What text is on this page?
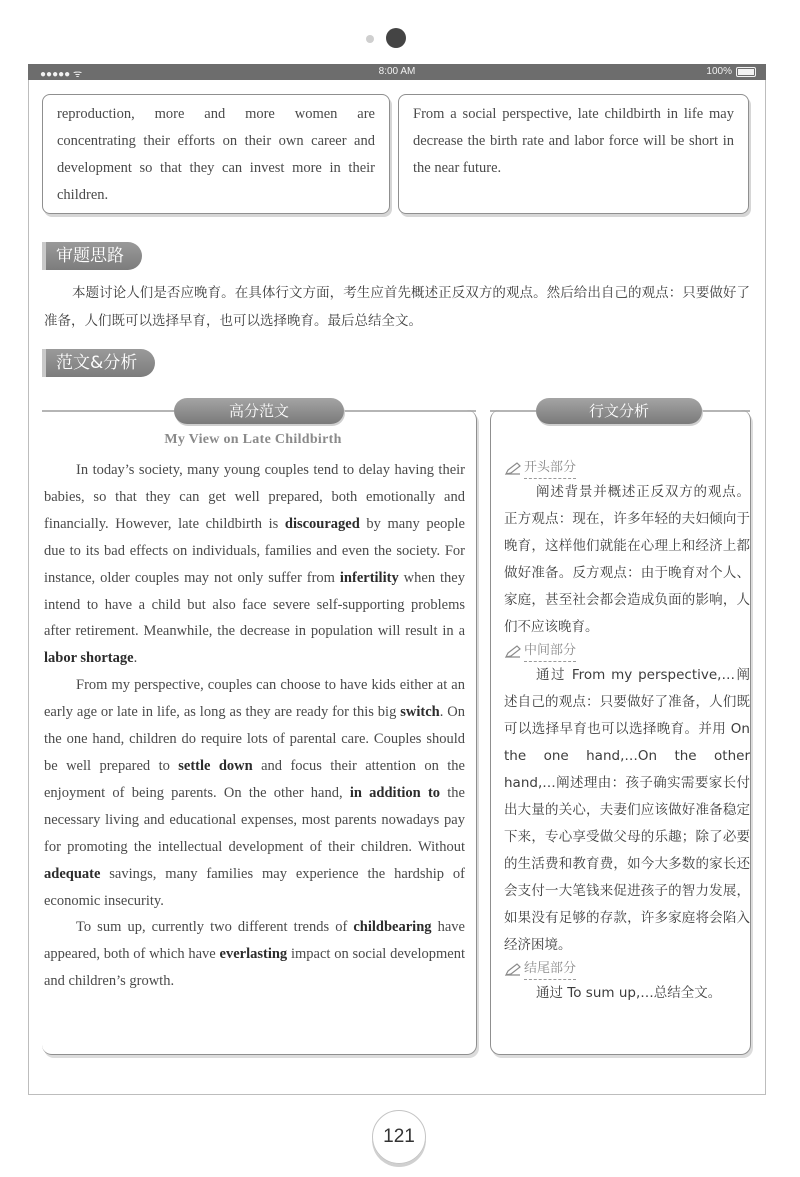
●●●●● ᯤ	8:00 AM	100%
reproduction, more and more women are concentrating their efforts on their own career and development so that they can invest more in their children.
From a social perspective, late childbirth in life may decrease the birth rate and labor force will be short in the near future.
审题思路
本题讨论人们是否应晚育。在具体行文方面，考生应首先概述正反双方的观点。然后给出自己的观点：只要做好了准备，人们既可以选择早育，也可以选择晚育。最后总结全文。
范文&分析
高分范文	行文分析
My View on Late Childbirth

In today’s society, many young couples tend to delay having their babies, so that they can get well prepared, both emotionally and financially. However, late childbirth is discouraged by many people due to its bad effects on individuals, families and even the society. For instance, older couples may not only suffer from infertility when they intend to have a child but also face severe self-supporting problems after retirement. Meanwhile, the decrease in population will result in a labor shortage.

From my perspective, couples can choose to have kids either at an early age or late in life, as long as they are ready for this big switch. On the one hand, children do require lots of parental care. Couples should be well prepared to settle down and focus their attention on the enjoyment of being parents. On the other hand, in addition to the necessary living and educational expenses, most parents nowadays pay for promoting the intellectual development of their children. Without adequate savings, many families may experience the hardship of economic insecurity.

To sum up, currently two different trends of childbearing have appeared, both of which have everlasting impact on social development and children’s growth.

开头部分

阐述背景并概述正反双方的观点。正方观点：现在，许多年轻的夫妇倾向于晚育，这样他们就能在心理上和经济上都做好准备。反方观点：由于晚育对个人、家庭，甚至社会都会造成负面的影响，人们不应该晚育。

中间部分

通过 From my perspective,…阐述自己的观点：只要做好了准备，人们既可以选择早育也可以选择晚育。并用 On the one hand,…On the other hand,…阐述理由：孩子确实需要家长付出大量的关心，夫妻们应该做好准备稳定下来，专心享受做父母的乐趣；除了必要的生活费和教育费，如今大多数的家长还会支付一大笔钱来促进孩子的智力发展，如果没有足够的存款，许多家庭将会陷入经济困境。

结尾部分

通过 To sum up,…总结全文。

121
